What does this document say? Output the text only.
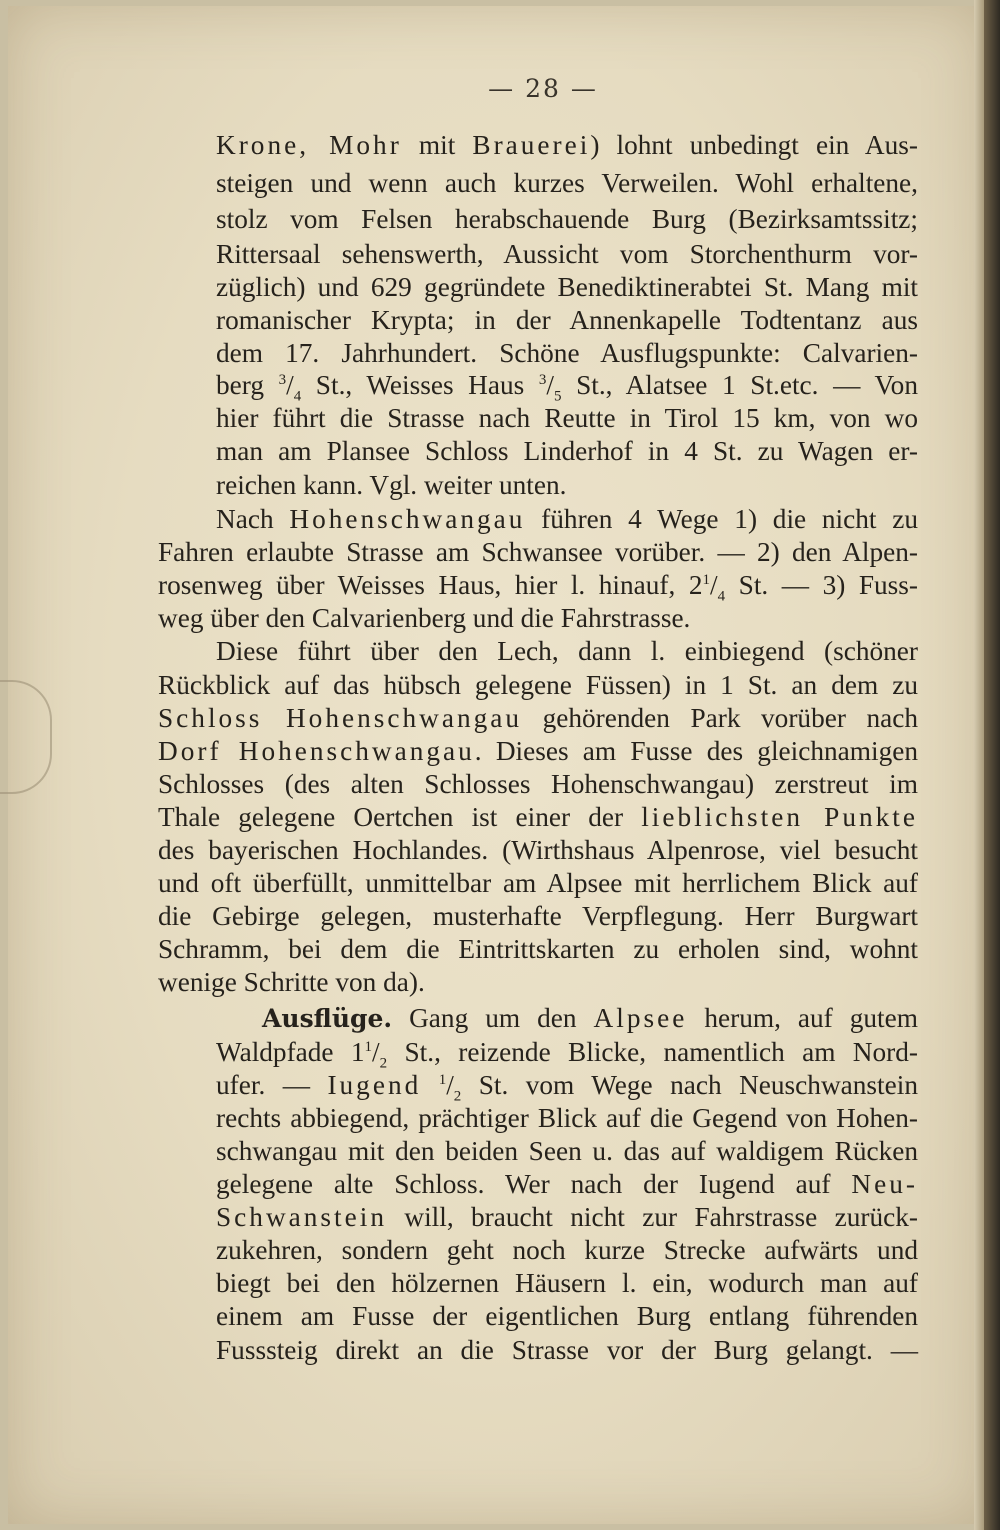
— 28 —
Krone, Mohr mit Brauerei) lohnt unbedingt ein Aus-
steigen und wenn auch kurzes Verweilen. Wohl erhaltene,
stolz vom Felsen herabschauende Burg (Bezirksamtssitz;
Rittersaal sehenswerth, Aussicht vom Storchenthurm vor-
züglich) und 629 gegründete Benediktinerabtei St. Mang mit
romanischer Krypta; in der Annenkapelle Todtentanz aus
dem 17. Jahrhundert. Schöne Ausflugspunkte: Calvarien-
berg $^3/_4$ St., Weisses Haus $^3/_5$ St., Alatsee 1 St.etc. — Von
hier führt die Strasse nach Reutte in Tirol 15 km, von wo
man am Plansee Schloss Linderhof in 4 St. zu Wagen er-
reichen kann. Vgl. weiter unten.
Nach Hohenschwangau führen 4 Wege 1) die nicht zu
Fahren erlaubte Strasse am Schwansee vorüber. — 2) den Alpen-
rosenweg über Weisses Haus, hier l. hinauf, $2^1/_4$ St. — 3) Fuss-
weg über den Calvarienberg und die Fahrstrasse.
Diese führt über den Lech, dann l. einbiegend (schöner
Rückblick auf das hübsch gelegene Füssen) in 1 St. an dem zu
Schloss Hohenschwangau gehörenden Park vorüber nach
Dorf Hohenschwangau. Dieses am Fusse des gleichnamigen
Schlosses (des alten Schlosses Hohenschwangau) zerstreut im
Thale gelegene Oertchen ist einer der lieblichsten Punkte
des bayerischen Hochlandes. (Wirthshaus Alpenrose, viel besucht
und oft überfüllt, unmittelbar am Alpsee mit herrlichem Blick auf
die Gebirge gelegen, musterhafte Verpflegung. Herr Burgwart
Schramm, bei dem die Eintrittskarten zu erholen sind, wohnt
wenige Schritte von da).
Ausflüge. Gang um den Alpsee herum, auf gutem
Waldpfade $1^1/_2$ St., reizende Blicke, namentlich am Nord-
ufer. — Iugend $^1/_2$ St. vom Wege nach Neuschwanstein
rechts abbiegend, prächtiger Blick auf die Gegend von Hohen-
schwangau mit den beiden Seen u. das auf waldigem Rücken
gelegene alte Schloss. Wer nach der Iugend auf Neu-
Schwanstein will, braucht nicht zur Fahrstrasse zurück-
zukehren, sondern geht noch kurze Strecke aufwärts und
biegt bei den hölzernen Häusern l. ein, wodurch man auf
einem am Fusse der eigentlichen Burg entlang führenden
Fusssteig direkt an die Strasse vor der Burg gelangt. —
